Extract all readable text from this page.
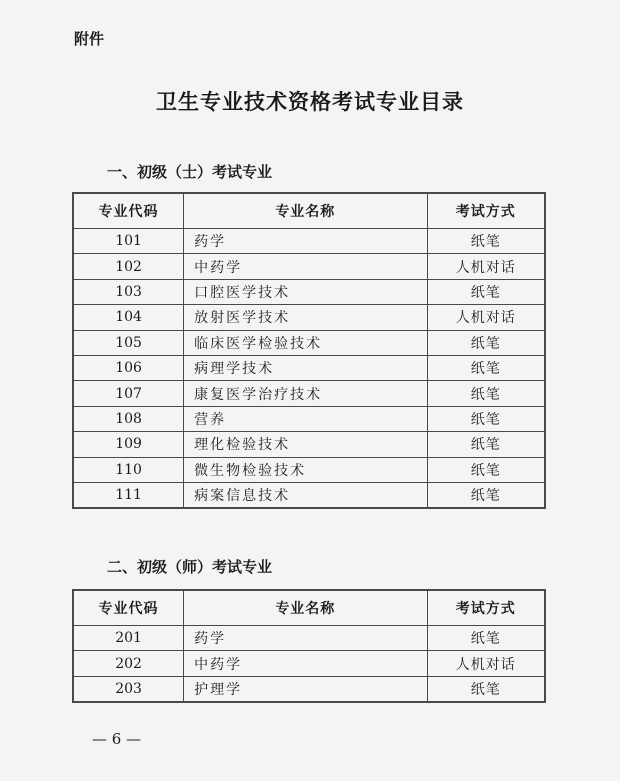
附件
卫生专业技术资格考试专业目录
一、初级（士）考试专业
专业代码	专业名称	考试方式
101	药学	纸笔
102	中药学	人机对话
103	口腔医学技术	纸笔
104	放射医学技术	人机对话
105	临床医学检验技术	纸笔
106	病理学技术	纸笔
107	康复医学治疗技术	纸笔
108	营养	纸笔
109	理化检验技术	纸笔
110	微生物检验技术	纸笔
111	病案信息技术	纸笔
二、初级（师）考试专业
专业代码	专业名称	考试方式
201	药学	纸笔
202	中药学	人机对话
203	护理学	纸笔
— 6 —
